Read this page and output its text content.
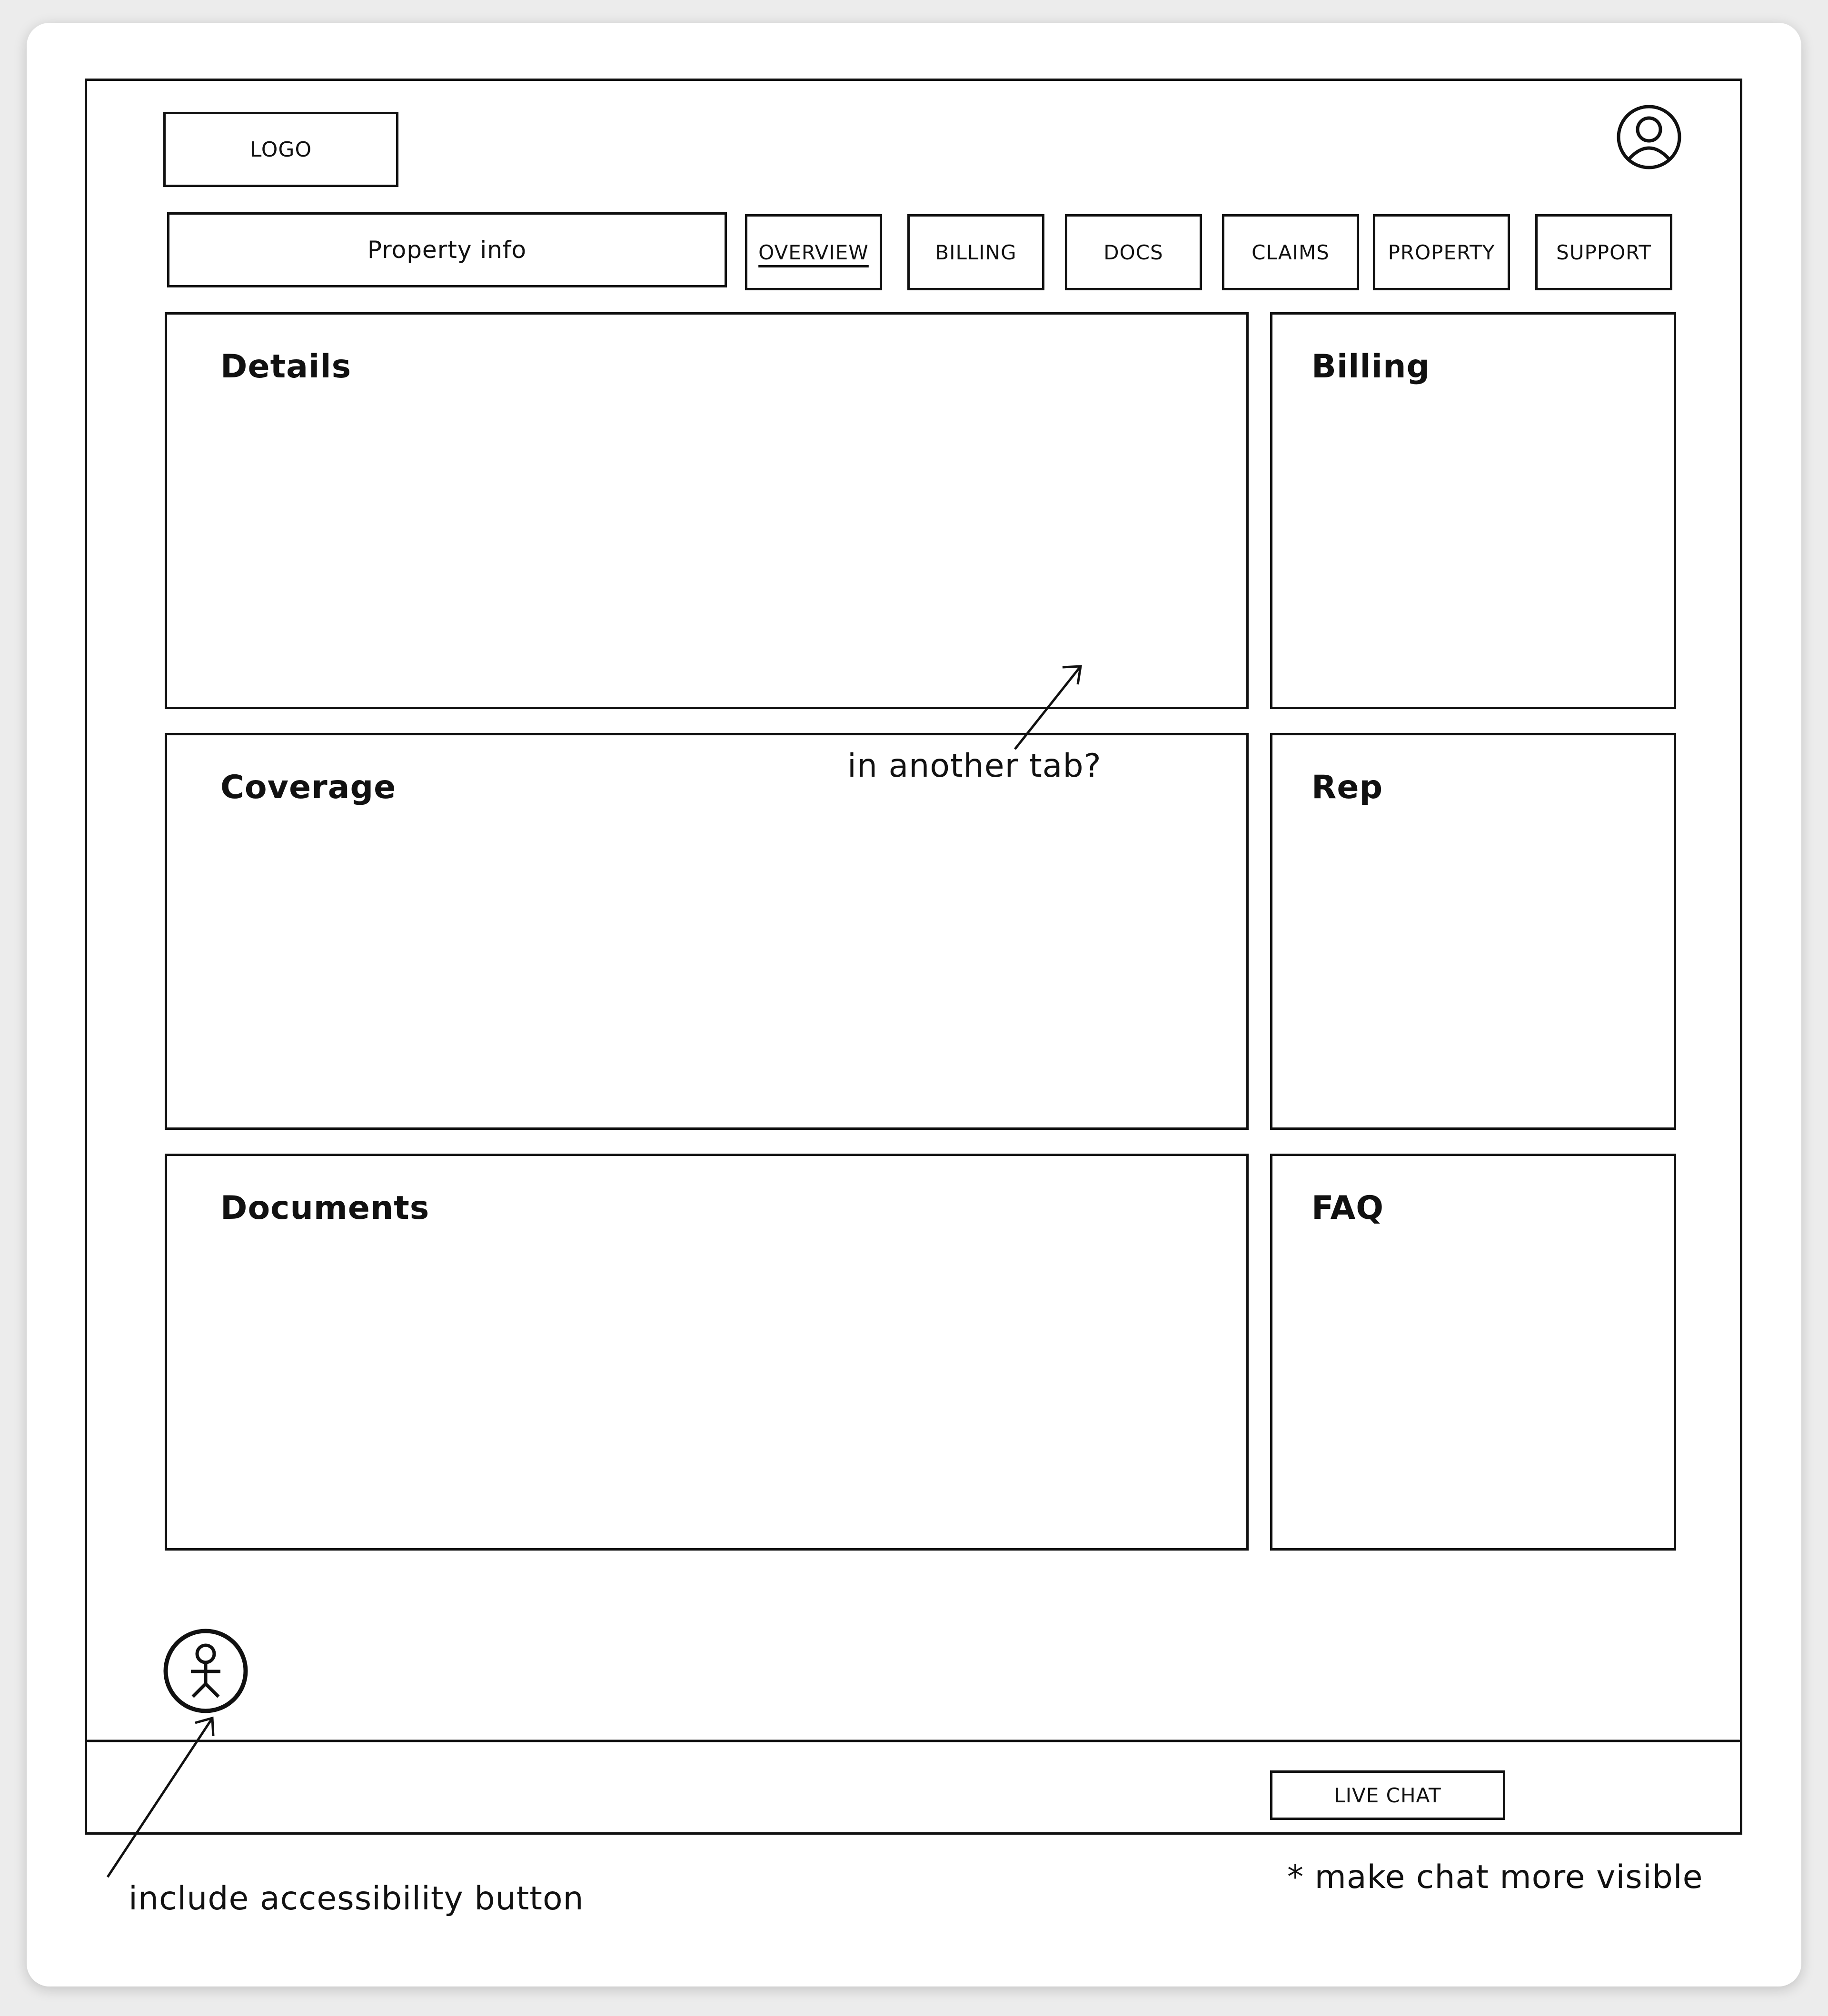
LOGO
Property info	OVERVIEW	BILLING	DOCS	CLAIMS	PROPERTY	SUPPORT
Details	Billing
Coverage	Rep
Documents	FAQ
in another tab?
LIVE CHAT
include accessibility button
* make chat more visible
